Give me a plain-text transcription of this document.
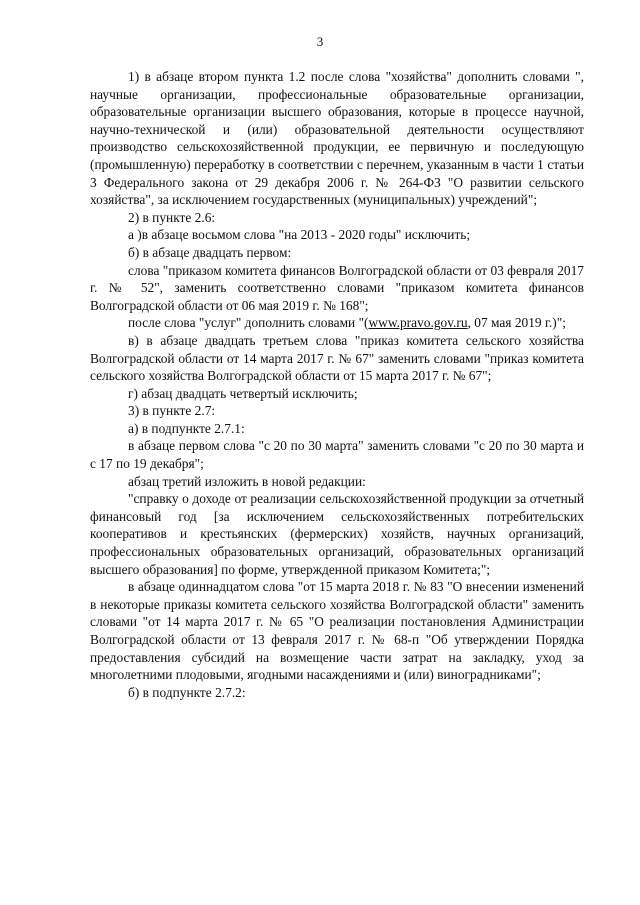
3

1) в абзаце втором пункта 1.2 после слова "хозяйства" дополнить словами ", научные организации, профессиональные образовательные организации, образовательные организации высшего образования, которые в процессе научной, научно-технической и (или) образовательной деятельности осуществляют производство сельскохозяйственной продукции, ее первичную и последующую (промышленную) переработку в соответствии с перечнем, указанным в части 1 статьи 3 Федерального закона от 29 декабря 2006 г. № 264-ФЗ "О развитии сельского хозяйства", за исключением государственных (муниципальных) учреждений";

2) в пункте 2.6:

а )в абзаце восьмом слова "на 2013 - 2020 годы" исключить;

б) в абзаце двадцать первом:

слова "приказом комитета финансов Волгоградской области от 03 февраля 2017 г. № 52", заменить соответственно словами "приказом комитета финансов Волгоградской области от 06 мая 2019 г. № 168";

после слова "услуг" дополнить словами "(www.pravo.gov.ru, 07 мая 2019 г.)";

в) в абзаце двадцать третьем слова "приказ комитета сельского хозяйства Волгоградской области от 14 марта 2017 г. № 67" заменить словами "приказ комитета сельского хозяйства Волгоградской области от 15 марта 2017 г. № 67";

г) абзац двадцать четвертый исключить;

3) в пункте 2.7:

а) в подпункте 2.7.1:

в абзаце первом слова "с 20 по 30 марта" заменить словами "с 20 по 30 марта и с 17 по 19 декабря";

абзац третий изложить в новой редакции:

"справку о доходе от реализации сельскохозяйственной продукции за отчетный финансовый год [за исключением сельскохозяйственных потребительских кооперативов и крестьянских (фермерских) хозяйств, научных организаций, профессиональных образовательных организаций, образовательных организаций высшего образования] по форме, утвержденной приказом Комитета;";

в абзаце одиннадцатом слова "от 15 марта 2018 г. № 83 "О внесении изменений в некоторые приказы комитета сельского хозяйства Волгоградской области" заменить словами "от 14 марта 2017 г. № 65 "О реализации постановления Администрации Волгоградской области от 13 февраля 2017 г. № 68-п "Об утверждении Порядка предоставления субсидий на возмещение части затрат на закладку, уход за многолетними плодовыми, ягодными насаждениями и (или) виноградниками";

б) в подпункте 2.7.2:
